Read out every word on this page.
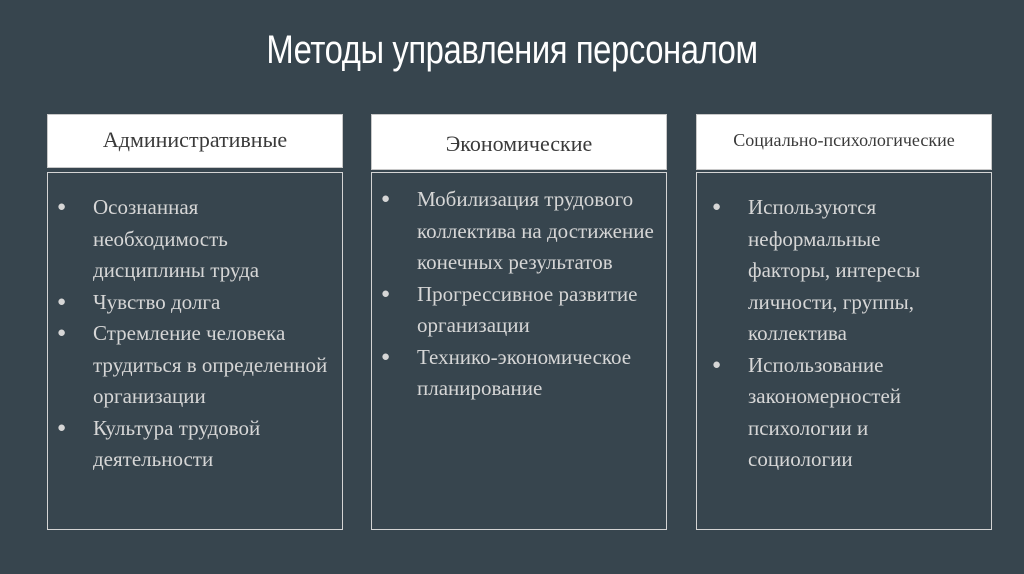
Методы управления персоналом
Административные
● Осознанная необходимость дисциплины труда
● Чувство долга
● Стремление человека трудиться в определенной организации
● Культура трудовой деятельности
Экономические
● Мобилизация трудового коллектива на достижение конечных результатов
● Прогрессивное развитие организации
● Технико-экономическое планирование
Социально-психологические
● Используются неформальные факторы, интересы личности, группы, коллектива
● Использование закономерностей психологии и социологии
